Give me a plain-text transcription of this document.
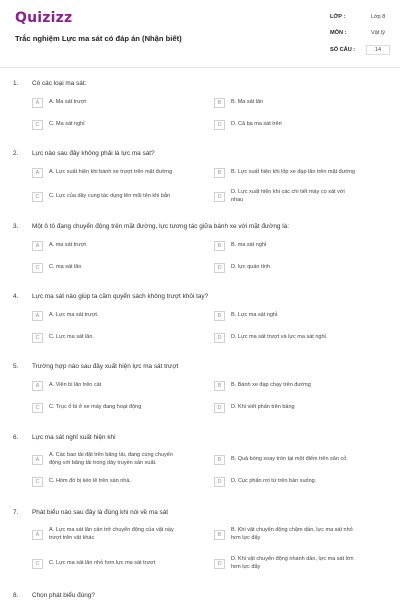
Quizizz
Trắc nghiệm Lực ma sát có đáp án (Nhận biết)
LỚP :	Lớp 8
MÔN :	Vật lý
SỐ CÂU :	14
1. Có các loại ma sát:
A	A. Ma sát trượt	B	B. Ma sát lăn
C	C. Ma sát nghỉ	D	D. Cả ba ma sát trên
2. Lực nào sau đây không phải là lực ma sát?
A	A. Lực xuất hiện khi bánh xe trượt trên mặt đường	B	B. Lực xuất hiện khi lốp xe đạp lăn trên mặt đường
C	C. Lực của dây cung tác dụng lên mũi tên khi bắn	D
D. Lực xuất hiện khi các chi tiết máy cọ xát với
nhau
3. Một ô tô đang chuyển động trên mặt đường, lực tương tác giữa bánh xe với mặt đường là:
A	A. ma sát trượt	B	B. ma sát nghỉ
C	C. ma sát lăn	D	D. lực quán tính
4. Lực ma sát nào giúp ta cầm quyển sách không trượt khỏi tay?
A	A. Lực ma sát trượt.	B	B. Lực ma sát nghỉ.
C	C. Lực ma sát lăn.	D	D. Lực ma sát trượt và lực ma sát nghỉ.
5. Trường hợp nào sau đây xuất hiện lực ma sát trượt
A	A. Viên bi lăn trên cát	B	B. Bánh xe đạp chạy trên đường
C	C. Trục ổ bi ở xe máy đang hoạt động	D	D. Khi viết phấn trên bảng
6. Lực ma sát nghỉ xuất hiện khi
A
A. Các bao tải đặt trên băng tải, đang cùng chuyển
động với băng tải trong dây truyền sản xuất.	B	B. Quả bóng xoay tròn tại một điểm trên sân cỏ.
C	C. Hòm đồ bị kéo lê trên sàn nhà.	D	D. Cục phấn rơi từ trên bàn xuống.
7. Phát biểu nào sau đây là đúng khi nói về ma sát
A
A. Lực ma sát lăn cản trở chuyển động của vật này
trượt trên vật khác	B
B. Khi vật chuyển động chậm dần, lực ma sát nhỏ
hơn lực đẩy
C	C. Lực ma sát lăn nhỏ hơn lực ma sát trượt	D
D. Khi vật chuyển động nhanh dần, lực ma sát lớn
hơn lực đẩy
8. Chọn phát biểu đúng?
